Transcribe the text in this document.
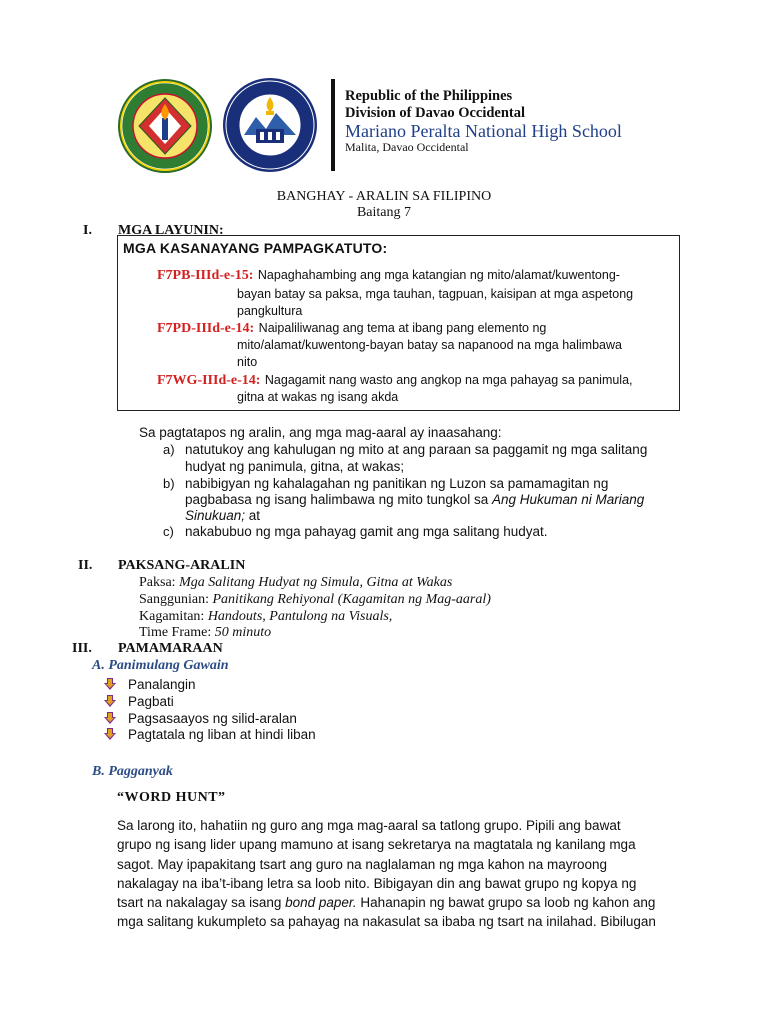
Republic of the Philippines
Division of Davao Occidental
Mariano Peralta National High School
Malita, Davao Occidental
BANGHAY - ARALIN SA FILIPINO
Baitang 7
I. MGA LAYUNIN:
MGA KASANAYANG PAMPAGKATUTO:
F7PB-IIId-e-15: Napaghahambing ang mga katangian ng mito/alamat/kuwentong-
bayan batay sa paksa, mga tauhan, tagpuan, kaisipan at mga aspetong
pangkultura
F7PD-IIId-e-14: Naipaliliwanag ang tema at ibang pang elemento ng
mito/alamat/kuwentong-bayan batay sa napanood na mga halimbawa
nito
F7WG-IIId-e-14: Nagagamit nang wasto ang angkop na mga pahayag sa panimula,
gitna at wakas ng isang akda
Sa pagtatapos ng aralin, ang mga mag-aaral ay inaasahang:
a) natutukoy ang kahulugan ng mito at ang paraan sa paggamit ng mga salitang
hudyat ng panimula, gitna, at wakas;
b) nabibigyan ng kahalagahan ng panitikan ng Luzon sa pamamagitan ng
pagbabasa ng isang halimbawa ng mito tungkol sa Ang Hukuman ni Mariang
Sinukuan; at
c) nakabubuo ng mga pahayag gamit ang mga salitang hudyat.
II. PAKSANG-ARALIN
Paksa: Mga Salitang Hudyat ng Simula, Gitna at Wakas
Sanggunian: Panitikang Rehiyonal (Kagamitan ng Mag-aaral)
Kagamitan: Handouts, Pantulong na Visuals,
Time Frame: 50 minuto
III. PAMAMARAAN
A. Panimulang Gawain
Panalangin
Pagbati
Pagsasaayos ng silid-aralan
Pagtatala ng liban at hindi liban
B. Pagganyak
“WORD HUNT”
Sa larong ito, hahatiin ng guro ang mga mag-aaral sa tatlong grupo. Pipili ang bawat
grupo ng isang lider upang mamuno at isang sekretarya na magtatala ng kanilang mga
sagot. May ipapakitang tsart ang guro na naglalaman ng mga kahon na mayroong
nakalagay na iba’t-ibang letra sa loob nito. Bibigayan din ang bawat grupo ng kopya ng
tsart na nakalagay sa isang bond paper. Hahanapin ng bawat grupo sa loob ng kahon ang
mga salitang kukumpleto sa pahayag na nakasulat sa ibaba ng tsart na inilahad. Bibilugan
